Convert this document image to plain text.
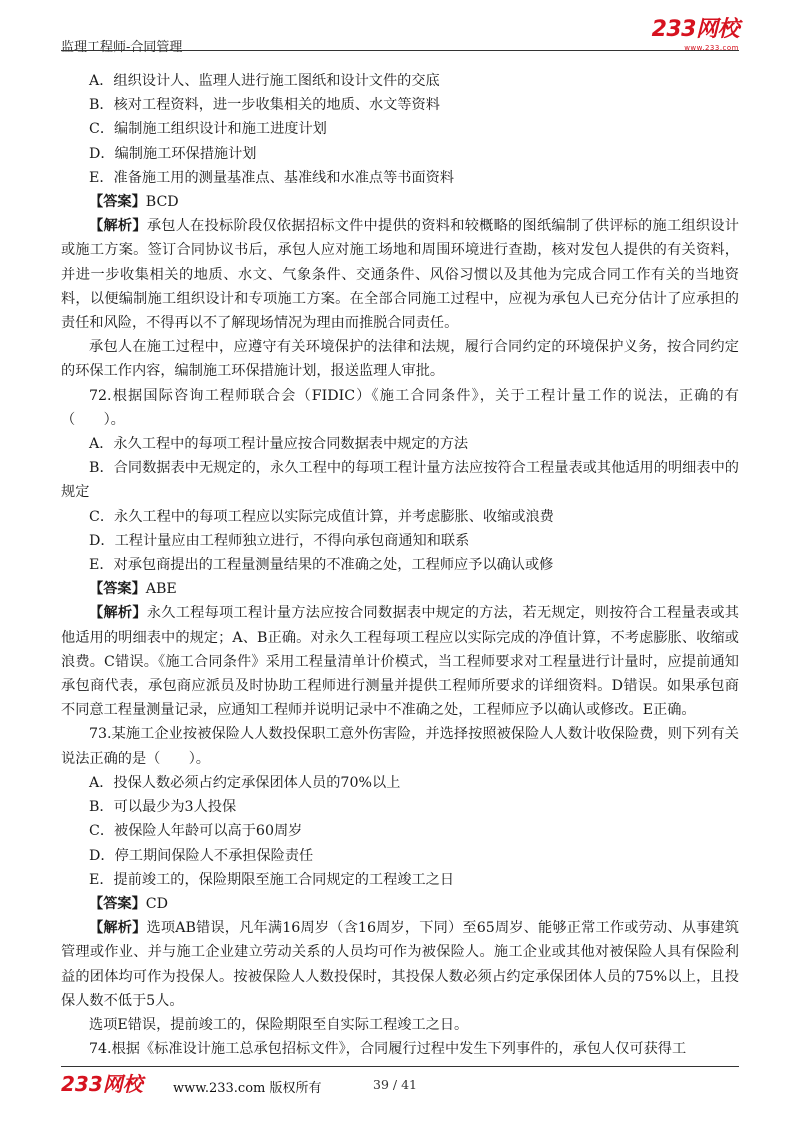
监理工程师-合同管理
233网校
www.233.com

A．组织设计人、监理人进行施工图纸和设计文件的交底

B．核对工程资料，进一步收集相关的地质、水文等资料

C．编制施工组织设计和施工进度计划

D．编制施工环保措施计划

E．准备施工用的测量基准点、基准线和水准点等书面资料

【答案】BCD

【解析】承包人在投标阶段仅依据招标文件中提供的资料和较概略的图纸编制了供评标的施工组织设计或施工方案。签订合同协议书后，承包人应对施工场地和周围环境进行查勘，核对发包人提供的有关资料，并进一步收集相关的地质、水文、气象条件、交通条件、风俗习惯以及其他为完成合同工作有关的当地资料，以便编制施工组织设计和专项施工方案。在全部合同施工过程中，应视为承包人已充分估计了应承担的责任和风险，不得再以不了解现场情况为理由而推脱合同责任。

承包人在施工过程中，应遵守有关环境保护的法律和法规，履行合同约定的环境保护义务，按合同约定的环保工作内容，编制施工环保措施计划，报送监理人审批。

72.根据国际咨询工程师联合会（FIDIC）《施工合同条件》，关于工程计量工作的说法，正确的有（　　）。

A．永久工程中的每项工程计量应按合同数据表中规定的方法

B．合同数据表中无规定的，永久工程中的每项工程计量方法应按符合工程量表或其他适用的明细表中的规定

C．永久工程中的每项工程应以实际完成值计算，并考虑膨胀、收缩或浪费

D．工程计量应由工程师独立进行，不得向承包商通知和联系

E．对承包商提出的工程量测量结果的不准确之处，工程师应予以确认或修

【答案】ABE

【解析】永久工程每项工程计量方法应按合同数据表中规定的方法，若无规定，则按符合工程量表或其他适用的明细表中的规定；A、B正确。对永久工程每项工程应以实际完成的净值计算，不考虑膨胀、收缩或浪费。C错误。《施工合同条件》采用工程量清单计价模式，当工程师要求对工程量进行计量时，应提前通知承包商代表，承包商应派员及时协助工程师进行测量并提供工程师所要求的详细资料。D错误。如果承包商不同意工程量测量记录，应通知工程师并说明记录中不准确之处，工程师应予以确认或修改。E正确。

73.某施工企业按被保险人人数投保职工意外伤害险，并选择按照被保险人人数计收保险费，则下列有关说法正确的是（　　）。

A．投保人数必须占约定承保团体人员的70%以上

B．可以最少为3人投保

C．被保险人年龄可以高于60周岁

D．停工期间保险人不承担保险责任

E．提前竣工的，保险期限至施工合同规定的工程竣工之日

【答案】CD

【解析】选项AB错误，凡年满16周岁（含16周岁，下同）至65周岁、能够正常工作或劳动、从事建筑管理或作业、并与施工企业建立劳动关系的人员均可作为被保险人。施工企业或其他对被保险人具有保险利益的团体均可作为投保人。按被保险人人数投保时，其投保人数必须占约定承保团体人员的75%以上，且投保人数不低于5人。

选项E错误，提前竣工的，保险期限至自实际工程竣工之日。

74.根据《标准设计施工总承包招标文件》，合同履行过程中发生下列事件的，承包人仅可获得工

233网校 www.233.com 版权所有	39 / 41
